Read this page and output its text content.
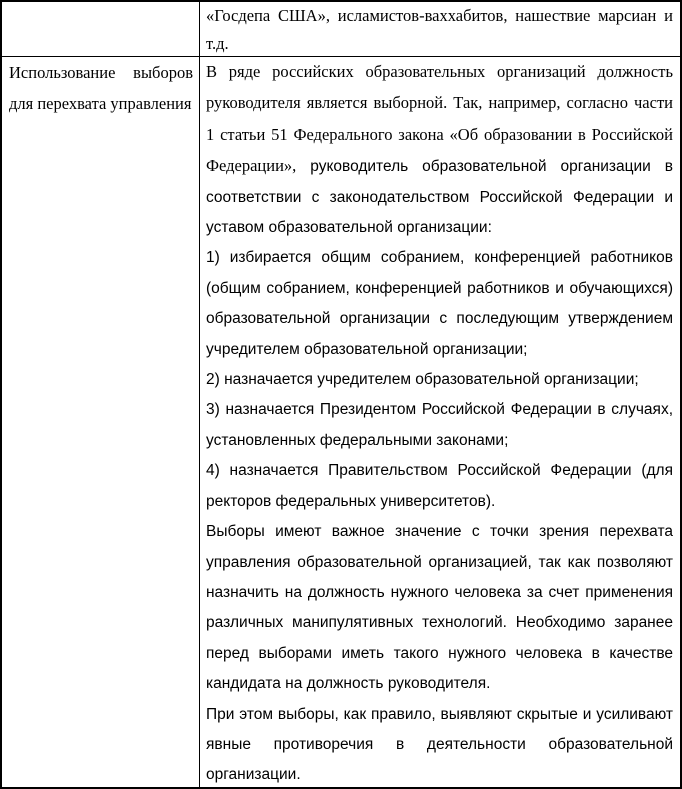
«Госдепа США», исламистов-ваххабитов, нашествие марсиан и
т.д.
Использование выборов
для перехвата управления
В ряде российских образовательных организаций должность
руководителя является выборной. Так, например, согласно части
1 статьи 51 Федерального закона «Об образовании в Российской
Федерации», руководитель образовательной организации в
соответствии с законодательством Российской Федерации и
уставом образовательной организации:
1) избирается общим собранием, конференцией работников
(общим собранием, конференцией работников и обучающихся)
образовательной организации с последующим утверждением
учредителем образовательной организации;
2) назначается учредителем образовательной организации;
3) назначается Президентом Российской Федерации в случаях,
установленных федеральными законами;
4) назначается Правительством Российской Федерации (для
ректоров федеральных университетов).
Выборы имеют важное значение с точки зрения перехвата
управления образовательной организацией, так как позволяют
назначить на должность нужного человека за счет применения
различных манипулятивных технологий. Необходимо заранее
перед выборами иметь такого нужного человека в качестве
кандидата на должность руководителя.
При этом выборы, как правило, выявляют скрытые и усиливают
явные противоречия в деятельности образовательной
организации.
